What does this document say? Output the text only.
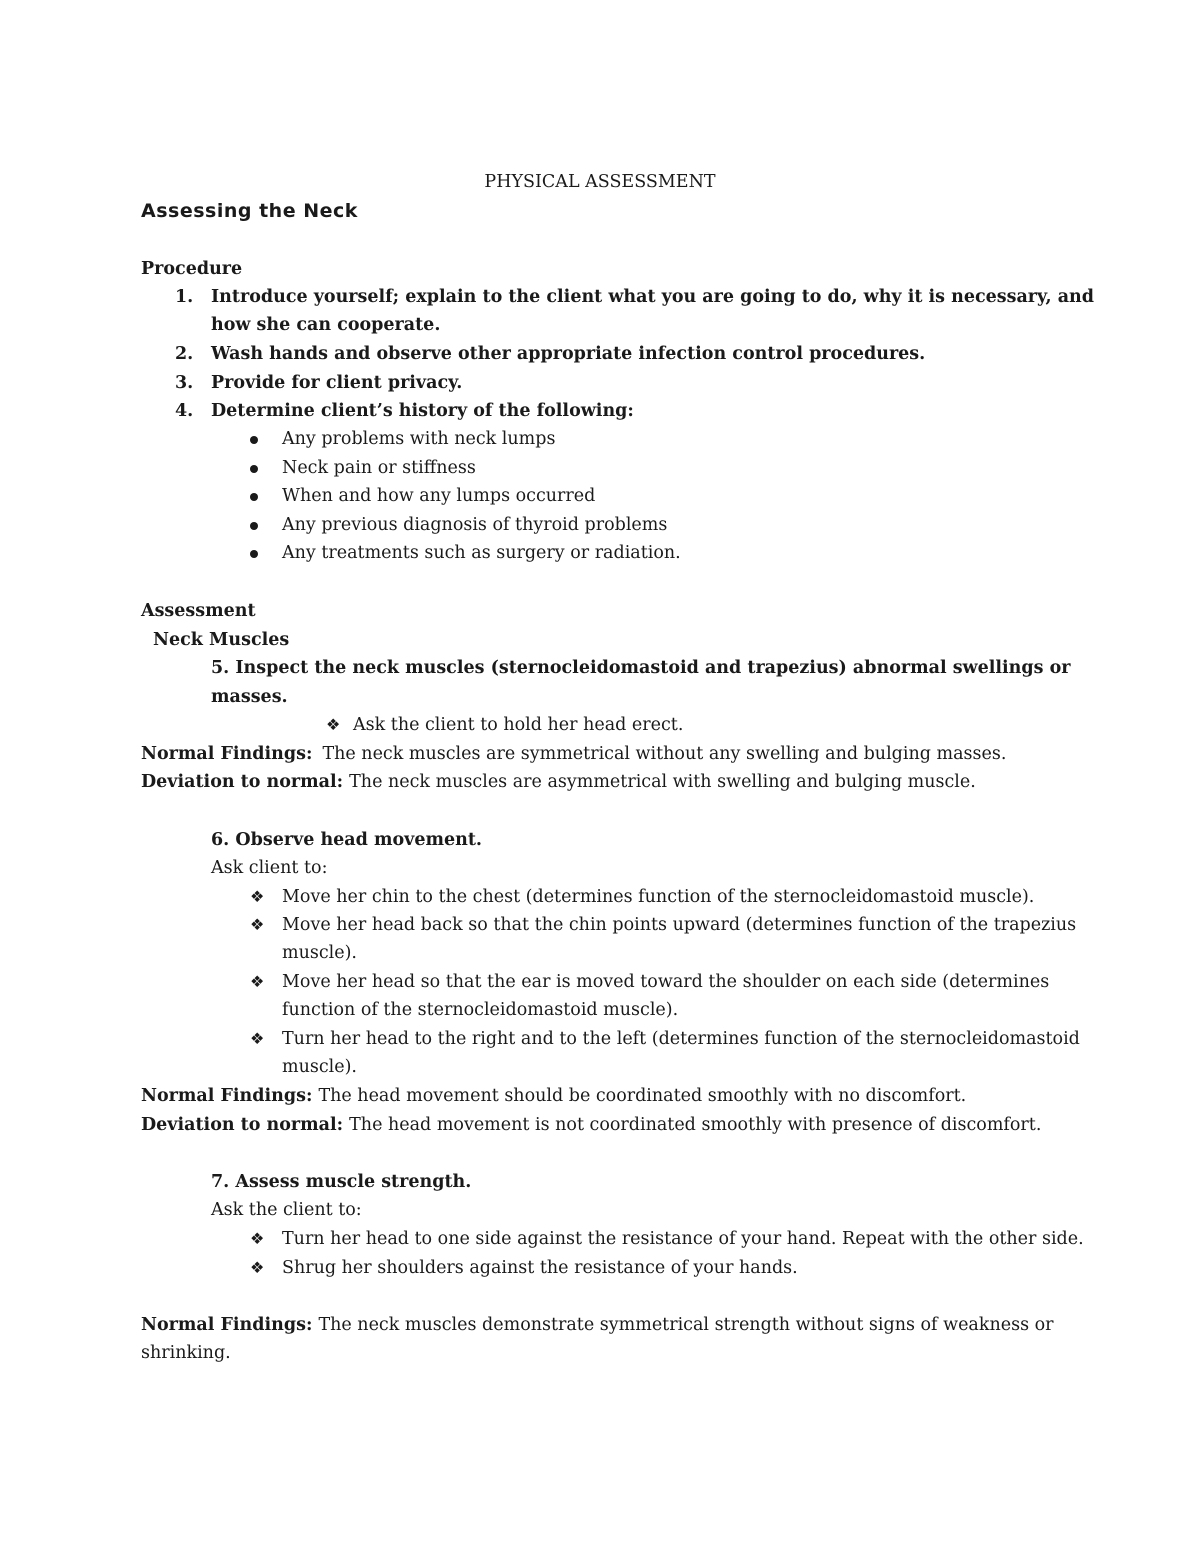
PHYSICAL ASSESSMENT
Assessing the Neck
Procedure
1. Introduce yourself; explain to the client what you are going to do, why it is necessary, and
how she can cooperate.
2. Wash hands and observe other appropriate infection control procedures.
3. Provide for client privacy.
4. Determine client’s history of the following:
Any problems with neck lumps
Neck pain or stiffness
When and how any lumps occurred
Any previous diagnosis of thyroid problems
Any treatments such as surgery or radiation.
Assessment
Neck Muscles
5. Inspect the neck muscles (sternocleidomastoid and trapezius) abnormal swellings or
masses.
❖ Ask the client to hold her head erect.
Normal Findings: The neck muscles are symmetrical without any swelling and bulging masses.
Deviation to normal: The neck muscles are asymmetrical with swelling and bulging muscle.
6. Observe head movement.
Ask client to:
❖ Move her chin to the chest (determines function of the sternocleidomastoid muscle).
❖ Move her head back so that the chin points upward (determines function of the trapezius
muscle).
❖ Move her head so that the ear is moved toward the shoulder on each side (determines
function of the sternocleidomastoid muscle).
❖ Turn her head to the right and to the left (determines function of the sternocleidomastoid
muscle).
Normal Findings: The head movement should be coordinated smoothly with no discomfort.
Deviation to normal: The head movement is not coordinated smoothly with presence of discomfort.
7. Assess muscle strength.
Ask the client to:
❖ Turn her head to one side against the resistance of your hand. Repeat with the other side.
❖ Shrug her shoulders against the resistance of your hands.
Normal Findings: The neck muscles demonstrate symmetrical strength without signs of weakness or
shrinking.
